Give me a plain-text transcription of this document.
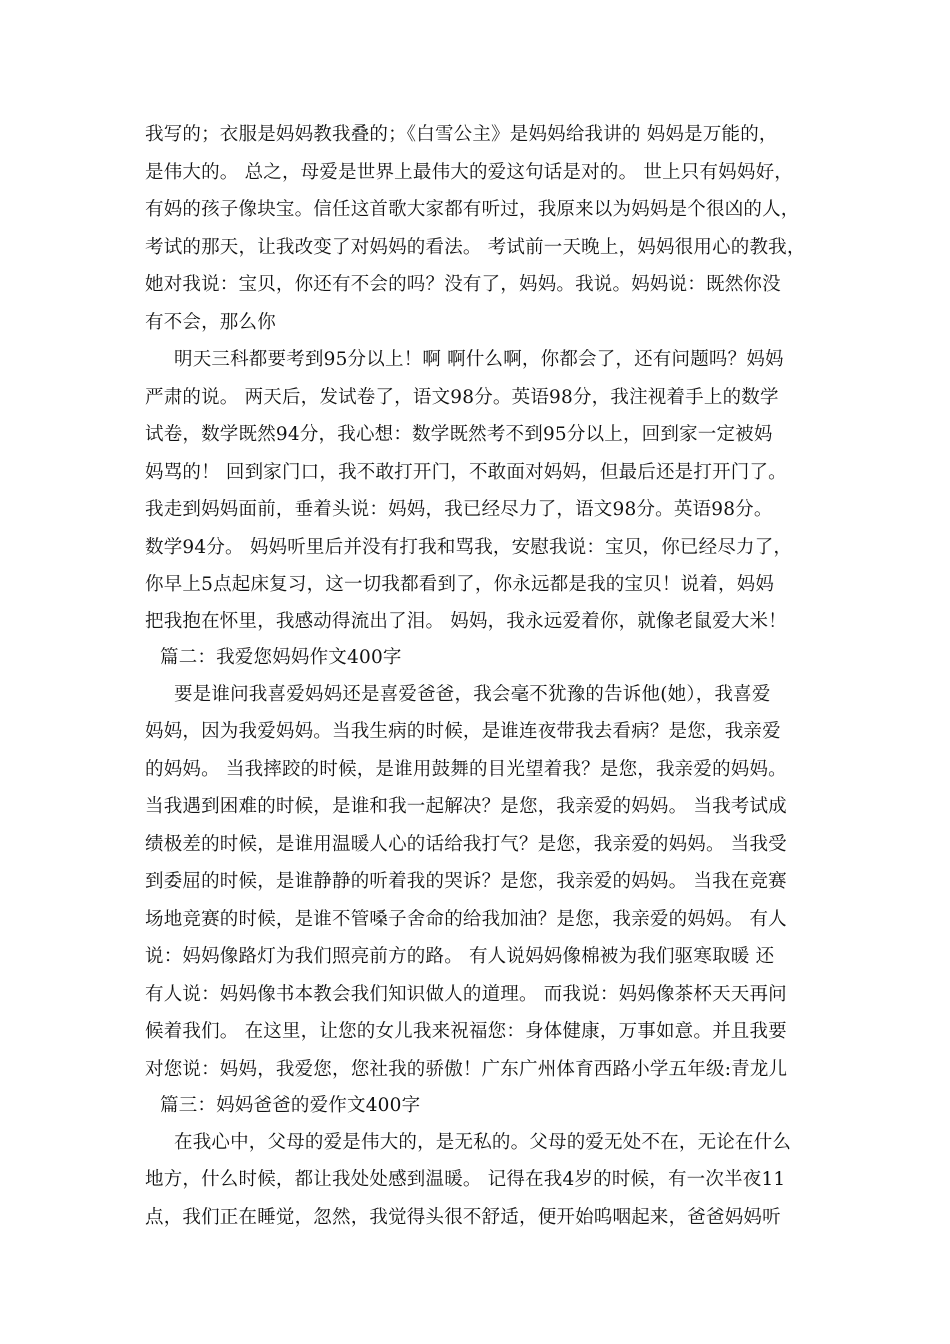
我写的；衣服是妈妈教我叠的；《白雪公主》是妈妈给我讲的 妈妈是万能的，
是伟大的。 总之，母爱是世界上最伟大的爱这句话是对的。 世上只有妈妈好，
有妈的孩子像块宝。信任这首歌大家都有听过，我原来以为妈妈是个很凶的人，
考试的那天，让我改变了对妈妈的看法。 考试前一天晚上，妈妈很用心的教我，
她对我说：宝贝，你还有不会的吗？没有了，妈妈。我说。妈妈说：既然你没
有不会，那么你
明天三科都要考到95分以上！啊 啊什么啊，你都会了，还有问题吗？妈妈
严肃的说。 两天后，发试卷了，语文98分。英语98分，我注视着手上的数学
试卷，数学既然94分，我心想：数学既然考不到95分以上，回到家一定被妈
妈骂的！ 回到家门口，我不敢打开门，不敢面对妈妈，但最后还是打开门了。
我走到妈妈面前，垂着头说：妈妈，我已经尽力了，语文98分。英语98分。
数学94分。 妈妈听里后并没有打我和骂我，安慰我说：宝贝，你已经尽力了，
你早上5点起床复习，这一切我都看到了，你永远都是我的宝贝！说着，妈妈
把我抱在怀里，我感动得流出了泪。 妈妈，我永远爱着你，就像老鼠爱大米！
篇二：我爱您妈妈作文400字
要是谁问我喜爱妈妈还是喜爱爸爸，我会毫不犹豫的告诉他(她），我喜爱
妈妈，因为我爱妈妈。当我生病的时候，是谁连夜带我去看病？是您，我亲爱
的妈妈。 当我摔跤的时候，是谁用鼓舞的目光望着我？是您，我亲爱的妈妈。
当我遇到困难的时候，是谁和我一起解决？是您，我亲爱的妈妈。 当我考试成
绩极差的时候，是谁用温暖人心的话给我打气？是您，我亲爱的妈妈。 当我受
到委屈的时候，是谁静静的听着我的哭诉？是您，我亲爱的妈妈。 当我在竞赛
场地竞赛的时候，是谁不管嗓子舍命的给我加油？是您，我亲爱的妈妈。 有人
说：妈妈像路灯为我们照亮前方的路。 有人说妈妈像棉被为我们驱寒取暖 还
有人说：妈妈像书本教会我们知识做人的道理。 而我说：妈妈像茶杯天天再问
候着我们。 在这里，让您的女儿我来祝福您：身体健康，万事如意。并且我要
对您说：妈妈，我爱您，您社我的骄傲！广东广州体育西路小学五年级:青龙儿
篇三：妈妈爸爸的爱作文400字
在我心中，父母的爱是伟大的，是无私的。父母的爱无处不在，无论在什么
地方，什么时候，都让我处处感到温暖。 记得在我4岁的时候，有一次半夜11
点，我们正在睡觉，忽然，我觉得头很不舒适，便开始呜咽起来，爸爸妈妈听
